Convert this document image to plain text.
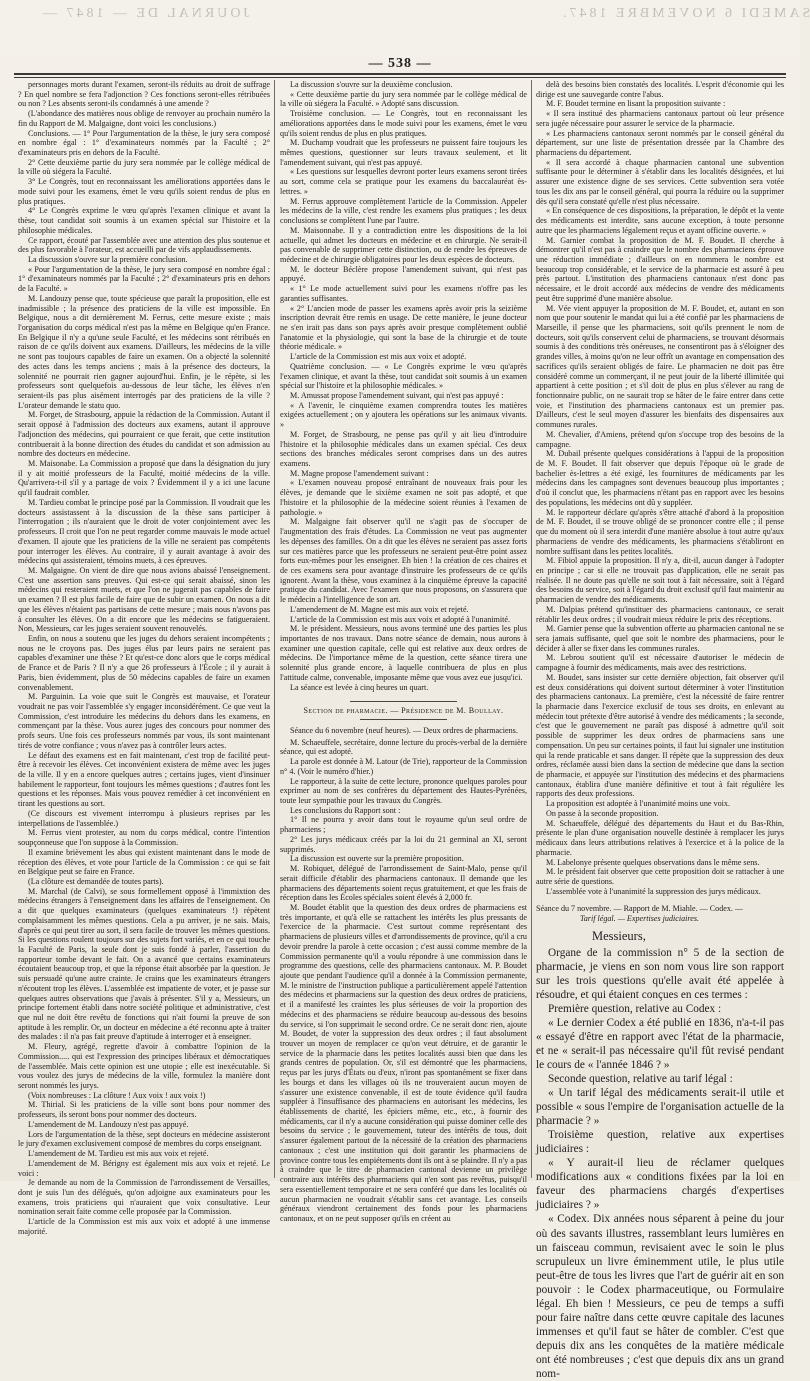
JOURNAL DE — 1847 —	SAMEDI 6 NOVEMBRE 1847.
— 538 —

personnages morts durant l'examen, seront-ils réduits au droit de suffrage ? En quel nombre se fera l'adjonction ? Ces fonctions seront-elles rétribuées ou non ? Les absents seront-ils condamnés à une amende ?

(L'abondance des matières nous oblige de renvoyer au prochain numéro la fin du Rapport de M. Malgaigne, dont voici les conclusions.)

Conclusions. — 1° Pour l'argumentation de la thèse, le jury sera composé en nombre égal : 1° d'examinateurs nommés par la Faculté ; 2° d'examinateurs pris en dehors de la Faculté.

2° Cette deuxième partie du jury sera nommée par le collège médical de la ville où siégera la Faculté.

3° Le Congrès, tout en reconnaissant les améliorations apportées dans le mode suivi pour les examens, émet le vœu qu'ils soient rendus de plus en plus pratiques.

4° Le Congrès exprime le vœu qu'après l'examen clinique et avant la thèse, tout candidat soit soumis à un examen spécial sur l'histoire et la philosophie médicales.

Ce rapport, écouté par l'assemblée avec une attention des plus soutenue et des plus favorable à l'orateur, est accueilli par de vifs applaudissements.

La discussion s'ouvre sur la première conclusion.

« Pour l'argumentation de la thèse, le jury sera composé en nombre égal : 1° d'examinateurs nommés par la Faculté ; 2° d'examinateurs pris en dehors de la Faculté. »

M. Landouzy pense que, toute spécieuse que paraît la proposition, elle est inadmissible ; la présence des praticiens de la ville est impossible. En Belgique, nous a dit dernièrement M. Ferrus, cette mesure existe ; mais l'organisation du corps médical n'est pas la même en Belgique qu'en France. En Belgique il n'y a qu'une seule Faculté, et les médecins sont rétribués en raison de ce qu'ils doivent aux examens. D'ailleurs, les médecins de la ville ne sont pas toujours capables de faire un examen. On a objecté la solennité des actes dans les temps anciens ; mais à la présence des docteurs, la solennité ne pourrait rien gagner aujourd'hui. Enfin, je le répète, si les professeurs sont quelquefois au-dessous de leur tâche, les élèves n'en seraient-ils pas plus aisément interrogés par des praticiens de la ville ? L'orateur demande le statu quo.

M. Forget, de Strasbourg, appuie la rédaction de la Commission. Autant il serait opposé à l'admission des docteurs aux examens, autant il approuve l'adjonction des médecins, qui pourraient ce que ferait, que cette institution contribuerait à la bonne direction des études du candidat et son admission au nombre des docteurs en médecine.

M. Maisonabe. La Commission a proposé que dans la désignation du jury il y ait moitié professeurs de la Faculté, moitié médecins de la ville. Qu'arrivera-t-il s'il y a partage de voix ? Évidemment il y a ici une lacune qu'il faudrait combler.

M. Tardieu combat le principe posé par la Commission. Il voudrait que les docteurs assistassent à la discussion de la thèse sans participer à l'interrogation ; ils n'auraient que le droit de voter conjointement avec les professeurs. Il croit que l'on ne peut regarder comme mauvais le mode actuel d'examen. Il ajoute que les praticiens de la ville ne seraient pas compétents pour interroger les élèves. Au contraire, il y aurait avantage à avoir des médecins qui assisteraient, témoins muets, à ces épreuves.

M. Malgaigne. On vient de dire que nous avions abaissé l'enseignement. C'est une assertion sans preuves. Qui est-ce qui serait abaissé, sinon les médecins qui resteraient muets, et que l'on ne jugerait pas capables de faire un examen ? Il est plus facile de faire que de subir un examen. On nous a dit que les élèves n'étaient pas partisans de cette mesure ; mais nous n'avons pas à consulter les élèves. On a dit encore que les médecins se fatigueraient. Non, Messieurs, car les juges seraient souvent renouvelés.

Enfin, on nous a soutenu que les juges du dehors seraient incompétents ; nous ne le croyons pas. Des juges élus par leurs pairs ne seraient pas capables d'examiner une thèse ? Et qu'est-ce donc alors que le corps médical de France et de Paris ? Il n'y a que 26 professeurs à l'École ; il y aurait à Paris, bien évidemment, plus de 50 médecins capables de faire un examen convenablement.

M. Parguinin. La voie que suit le Congrès est mauvaise, et l'orateur voudrait ne pas voir l'assemblée s'y engager inconsidérément. Ce que veut la Commission, c'est introduire les médecins du dehors dans les examens, en commençant par la thèse. Vous aurez juges des concours pour nommer des profs seurs. Une fois ces professeurs nommés par vous, ils sont maintenant tirés de votre confiance ; vous n'avez pas à contrôler leurs actes.

Le défaut des examens est en fait maintenant, c'est trop de facilité peut-être à recevoir les élèves. Cet inconvénient existera de même avec les juges de la ville. Il y en a encore quelques autres ; certains juges, vient d'insinuer habilement le rapporteur, font toujours les mêmes questions ; d'autres font les questions et les réponses. Mais vous pouvez remédier à cet inconvénient en tirant les questions au sort.

(Ce discours est vivement interrompu à plusieurs reprises par les interpellations de l'assemblée.)

M. Ferrus vient protester, au nom du corps médical, contre l'intention soupçonneuse que l'on suppose à la Commission.

Il examine brièvement les abus qui existent maintenant dans le mode de réception des élèves, et vote pour l'article de la Commission : ce qui se fait en Belgique peut se faire en France.

(La clôture est demandée de toutes parts).

M. Marchal (de Calvi), se sous formellement opposé à l'immixtion des médecins étrangers à l'enseignement dans les affaires de l'enseignement. On a dit que quelques examinateurs (quelques examinateurs !) répètent complaisamment les mêmes questions. Cela a pu arriver, je ne sais. Mais, d'après ce qui peut tirer au sort, il sera facile de trouver les mêmes questions. Si les questions roulent toujours sur des sujets fort variés, et en ce qui touche la Faculté de Paris, la seule dont je suis fondé à parler, l'assertion du rapporteur tombe devant le fait. On a avancé que certains examinateurs écoutaient beaucoup trop, et que la réponse était absorbée par la question. Je suis persuadé qu'une autre crainte. Je crains que les examinateurs étrangers n'écoutent trop les élèves. L'assemblée est impatiente de voter, et je passe sur quelques autres observations que j'avais à présenter. S'il y a, Messieurs, un principe fortement établi dans notre société politique et administrative, c'est que nul ne doit être revêtu de fonctions qui n'ait fourni la preuve de son aptitude à les remplir. Or, un docteur en médecine a été reconnu apte à traiter des malades : il n'a pas fait preuve d'aptitude à interroger et à enseigner.

M. Fleury, agrégé, regrette d'avoir à combattre l'opinion de la Commission..... qui est l'expression des principes libéraux et démocratiques de l'assemblée. Mais cette opinion est une utopie ; elle est inexécutable. Si vous voulez des jurys de médecins de la ville, formulez la manière dont seront nommés les jurys.

(Voix nombreuses : La clôture ! Aux voix ! aux voix !)

M. Thirial. Si les praticiens de la ville sont bons pour nommer des professeurs, ils seront bons pour nommer des docteurs.

L'amendement de M. Landouzy n'est pas appuyé.

Lors de l'argumentation de la thèse, sept docteurs en médecine assisteront le jury d'examen exclusivement composé de membres du corps enseignant.

L'amendement de M. Tardieu est mis aux voix et rejeté.

L'amendement de M. Bérigny est également mis aux voix et rejeté. Le voici :

Je demande au nom de la Commission de l'arrondissement de Versailles, dont je suis l'un des délégués, qu'on adjoigne aux examinateurs pour les examens, trois praticiens qui n'auraient que voix consultative. Leur nomination serait faite comme celle proposée par la Commission.

L'article de la Commission est mis aux voix et adopté à une immense majorité.

La discussion s'ouvre sur la deuxième conclusion.

« Cette deuxième partie du jury sera nommée par le collège médical de la ville où siégera la Faculté. » Adopté sans discussion.

Troisième conclusion. — Le Congrès, tout en reconnaissant les améliorations apportées dans le mode suivi pour les examens, émet le vœu qu'ils soient rendus de plus en plus pratiques.

M. Duchamp voudrait que les professeurs ne puissent faire toujours les mêmes questions, questionner sur leurs travaux seulement, et lit l'amendement suivant, qui n'est pas appuyé.

« Les questions sur lesquelles devront porter leurs examens seront tirées au sort, comme cela se pratique pour les examens du baccalauréat ès-lettres. »

M. Ferrus approuve complètement l'article de la Commission. Appeler les médecins de la ville, c'est rendre les examens plus pratiques ; les deux conclusions se complètent l'une par l'autre.

M. Maisonnabe. Il y a contradiction entre les dispositions de la loi actuelle, qui admet les docteurs en médecine et en chirurgie. Ne serait-il pas convenable de supprimer cette distinction, ou de rendre les épreuves de médecine et de chirurgie obligatoires pour les deux espèces de docteurs.

M. le docteur Béclère propose l'amendement suivant, qui n'est pas appuyé.

« 1° Le mode actuellement suivi pour les examens n'offre pas les garanties suffisantes.

« 2° L'ancien mode de passer les examens après avoir pris la seizième inscription devrait être remis en usage. De cette manière, le jeune docteur ne s'en irait pas dans son pays après avoir presque complètement oublié l'anatomie et la physiologie, qui sont la base de la chirurgie et de toute théorie médicale. »

L'article de la Commission est mis aux voix et adopté.

Quatrième conclusion. — « Le Congrès exprime le vœu qu'après l'examen clinique, et avant la thèse, tout candidat soit soumis à un examen spécial sur l'histoire et la philosophie médicales. »

M. Amussat propose l'amendement suivant, qui n'est pas appuyé :

« A l'avenir, le cinquième examen comprendra toutes les matières exigées actuellement ; on y ajoutera les opérations sur les animaux vivants. »

M. Forget, de Strasbourg, ne pense pas qu'il y ait lieu d'introduire l'histoire et la philosophie médicales dans un examen spécial. Ces deux sections des branches médicales seront comprises dans un des autres examens.

M. Magne propose l'amendement suivant :

« L'examen nouveau proposé entraînant de nouveaux frais pour les élèves, je demande que le sixième examen ne soit pas adopté, et que l'histoire et la philosophie de la médecine soient réunies à l'examen de pathologie. »

M. Malgaigne fait observer qu'il ne s'agit pas de s'occuper de l'augmentation des frais d'études. La Commission ne veut pas augmenter les dépenses des familles. On a dit que les élèves ne seraient pas assez forts sur ces matières parce que les professeurs ne seraient peut-être point assez forts eux-mêmes pour les enseigner. Eh bien ! la création de ces chaires et de ces examens sera pour avantage d'instruire les professeurs de ce qu'ils ignorent. Avant la thèse, vous examinez à la cinquième épreuve la capacité pratique du candidat. Avec l'examen que nous proposons, on s'assurera que le médecin a l'intelligence de son art.

L'amendement de M. Magne est mis aux voix et rejeté.

L'article de la Commission est mis aux voix et adopté à l'unanimité.

M. le président. Messieurs, nous avons terminé une des parties les plus importantes de nos travaux. Dans notre séance de demain, nous aurons à examiner une question capitale, celle qui est relative aux deux ordres de médecins. De l'importance même de la question, cette séance tirera une solennité plus grande encore, à laquelle contribuera de plus en plus l'attitude calme, convenable, imposante même que vous avez eue jusqu'ici.

La séance est levée à cinq heures un quart.

Section de pharmacie. — Présidence de M. Boullay.

Séance du 6 novembre (neuf heures). — Deux ordres de pharmaciens.

M. Schaeuffele, secrétaire, donne lecture du procès-verbal de la dernière séance, qui est adopté.

La parole est donnée à M. Latour (de Trie), rapporteur de la Commission n° 4. (Voir le numéro d'hier.)

Le rapporteur, à la suite de cette lecture, prononce quelques paroles pour exprimer au nom de ses confrères du département des Hautes-Pyrénées, toute leur sympathie pour les travaux du Congrès.

Les conclusions du Rapport sont :

1° Il ne pourra y avoir dans tout le royaume qu'un seul ordre de pharmaciens ;

2° Les jurys médicaux créés par la loi du 21 germinal an XI, seront supprimés.

La discussion est ouverte sur la première proposition.

M. Robiquet, délégué de l'arrondissement de Saint-Malo, pense qu'il serait difficile d'établir des pharmaciens cantonaux. Il demande que les pharmaciens des départements soient reçus gratuitement, et que les frais de réception dans les Écoles spéciales soient élevés à 2,000 fr.

M. Boudet établit que la question des deux ordres de pharmaciens est très importante, et qu'à elle se rattachent les intérêts les plus pressants de l'exercice de la pharmacie. C'est surtout comme représentant des pharmaciens de plusieurs villes et d'arrondissements de province, qu'il a cru devoir prendre la parole à cette occasion ; c'est aussi comme membre de la Commission permanente qu'il a voulu répondre à une commission dans le programme des questions, celle des pharmaciens cantonaux. M. P. Boudet ajoute que pendant l'audience qu'il a donnée à la Commission permanente, M. le ministre de l'instruction publique a particulièrement appelé l'attention des médecins et pharmaciens sur la question des deux ordres de praticiens, et il a manifesté les craintes les plus sérieuses de voir la proportion des médecins et des pharmaciens se réduire beaucoup au-dessous des besoins du service, si l'on supprimait le second ordre. Ce ne serait donc rien, ajoute M. Boudet, de voter la suppression des deux ordres ; il faut absolument trouver un moyen de remplacer ce qu'on veut détruire, et de garantir le service de la pharmacie dans les petites localités aussi bien que dans les grands centres de population. Or, s'il est démontré que les pharmaciens, reçus par les jurys d'États ou d'eux, n'iront pas spontanément se fixer dans les bourgs et dans les villages où ils ne trouveraient aucun moyen de s'assurer une existence convenable, il est de toute évidence qu'il faudra suppléer à l'insuffisance des pharmaciens en autorisant les médecins, les établissements de charité, les épiciers même, etc., etc., à fournir des médicaments, car il n'y a aucune considération qui puisse dominer celle des besoins du service ; le gouvernement, tuteur des intérêts de tous, doit s'assurer également partout de la nécessité de la création des pharmaciens cantonaux ; c'est une institution qui doit garantir les pharmaciens de province contre tous les empiétements dont ils ont à se plaindre. Il n'y a pas à craindre que le titre de pharmacien cantonal devienne un privilège contraire aux intérêts des pharmaciens qui n'en sont pas revêtus, puisqu'il sera essentiellement temporaire et ne sera conféré que dans les localités où aucun pharmacien ne voudrait s'établir sans cet avantage. Les conseils généraux viendront certainement des fonds pour les pharmaciens cantonaux, et on ne peut supposer qu'ils en créent au

delà des besoins bien constatés des localités. L'esprit d'économie qui les dirige est une sauvegarde contre l'abus.

M. F. Boudet termine en lisant la proposition suivante :

« Il sera institué des pharmaciens cantonaux partout où leur présence sera jugée nécessaire pour assurer le service de la pharmacie.

« Les pharmaciens cantonaux seront nommés par le conseil général du département, sur une liste de présentation dressée par la Chambre des pharmaciens du département.

« Il sera accordé à chaque pharmacien cantonal une subvention suffisante pour le déterminer à s'établir dans les localités désignées, et lui assurer une existence digne de ses services. Cette subvention sera votée tous les dix ans par le conseil général, qui pourra la réduire ou la supprimer dès qu'il sera constaté qu'elle n'est plus nécessaire.

« En conséquence de ces dispositions, la préparation, le dépôt et la vente des médicaments est interdite, sans aucune exception, à toute personne autre que les pharmaciens légalement reçus et ayant officine ouverte. »

M. Garnier combat la proposition de M. F. Boudet. Il cherche à démontrer qu'il n'est pas à craindre que le nombre des pharmaciens éprouve une réduction immédiate ; d'ailleurs on en nommera le nombre est beaucoup trop considérable, et le service de la pharmacie est assuré à peu près partout. L'institution des pharmaciens cantonaux n'est donc pas nécessaire, et le droit accordé aux médecins de vendre des médicaments peut être supprimé d'une manière absolue.

M. Vée vient appuyer la proposition de M. F. Boudet, et, autant en son nom que pour soutenir le mandat qui lui a été confié par les pharmaciens de Marseille, il pense que les pharmaciens, soit qu'ils prennent le nom de docteurs, soit qu'ils conservent celui de pharmaciens, se trouvant désormais soumis à des conditions très onéreuses, ne consentiront pas à s'éloigner des grandes villes, à moins qu'on ne leur offrît un avantage en compensation des sacrifices qu'ils seraient obligés de faire. Le pharmacien ne doit pas être considéré comme un commerçant, il ne peut jouir de la liberté illimitée qui appartient à cette position ; et s'il doit de plus en plus s'élever au rang de fonctionnaire public, on ne saurait trop se hâter de le faire entrer dans cette voie, et l'institution des pharmaciens cantonaux est un premier pas. D'ailleurs, c'est le seul moyen d'assurer les bienfaits des dispensaires aux communes rurales.

M. Chevalier, d'Amiens, prétend qu'on s'occupe trop des besoins de la campagne.

M. Dubail présente quelques considérations à l'appui de la proposition de M. F. Boudet. Il fait observer que depuis l'époque où le grade de bachelier ès-lettres a été exigé, les fournitures de médicaments par les médecins dans les campagnes sont devenues beaucoup plus importantes ; d'où il conclut que, les pharmaciens n'étant pas en rapport avec les besoins des populations, les médecins ont dû y suppléer.

M. le rapporteur déclare qu'après s'être attaché d'abord à la proposition de M. F. Boudet, il se trouve obligé de se prononcer contre elle ; il pense que du moment où il sera interdit d'une manière absolue à tout autre qu'aux pharmaciens de vendre des médicaments, les pharmaciens s'établiront en nombre suffisant dans les petites localités.

M. Fibiol appuie la proposition. Il n'y a, dit-il, aucun danger à l'adopter en principe ; car si elle ne trouvait pas d'application, elle ne serait pas réalisée. Il ne doute pas qu'elle ne soit tout à fait nécessaire, soit à l'égard des besoins du service, soit à l'égard du droit exclusif qu'il faut maintenir au pharmacien de vendre des médicaments.

M. Dalpias prétend qu'instituer des pharmaciens cantonaux, ce serait rétablir les deux ordres ; il voudrait mieux réduire le prix des réceptions.

M. Garnier pense que la subvention offerte au pharmacien cantonal ne se sera jamais suffisante, quel que soit le nombre des pharmaciens, pour le décider à aller se fixer dans les communes rurales.

M. Lebrou soutient qu'il est nécessaire d'autoriser le médecin de campagne à fournir des médicaments, mais avec des restrictions.

M. Boudet, sans insister sur cette dernière objection, fait observer qu'il est deux considérations qui doivent surtout déterminer à voter l'institution des pharmaciens cantonaux. La première, c'est la nécessité de faire rentrer la pharmacie dans l'exercice exclusif de tous ses droits, en enlevant au médecin tout prétexte d'être autorisé à vendre des médicaments ; la seconde, c'est que le gouvernement ne paraît pas disposé à admettre qu'il soit possible de supprimer les deux ordres de pharmaciens sans une compensation. Un peu sur certaines points, il faut lui signaler une institution qui la rende praticable et sans danger. Il répète que la suppression des deux ordres, réclamée aussi bien dans la section de médecine que dans la section de pharmacie, et appuyée sur l'institution des médecins et des pharmaciens cantonaux, établira d'une manière définitive et tout à fait régulière les rapports des deux professions.

La proposition est adoptée à l'unanimité moins une voix.

On passe à la seconde proposition.

M. Schaeuffele, délégué des départements du Haut et du Bas-Rhin, présente le plan d'une organisation nouvelle destinée à remplacer les jurys médicaux dans leurs attributions relatives à l'exercice et à la police de la pharmacie.

M. Labelonye présente quelques observations dans le même sens.

M. le président fait observer que cette proposition doit se rattacher à une autre série de questions.

L'assemblée vote à l'unanimité la suppression des jurys médicaux.

Séance du 7 novembre. — Rapport de M. Miahle. — Codex. —

Tarif légal. — Expertises judiciaires.

Messieurs,

Organe de la commission n° 5 de la section de pharmacie, je viens en son nom vous lire son rapport sur les trois questions qu'elle avait été appelée à résoudre, et qui étaient conçues en ces termes :

Première question, relative au Codex :

« Le dernier Codex a été publié en 1836, n'a-t-il pas « essayé d'être en rapport avec l'état de la pharmacie, et ne « serait-il pas nécessaire qu'il fût revisé pendant le cours de « l'année 1846 ? »

Seconde question, relative au tarif légal :

« Un tarif légal des médicaments serait-il utile et possible « sous l'empire de l'organisation actuelle de la pharmacie ? »

Troisième question, relative aux expertises judiciaires :

« Y aurait-il lieu de réclamer quelques modifications aux « conditions fixées par la loi en faveur des pharmaciens chargés d'expertises judiciaires ? »

« Codex. Dix années nous séparent à peine du jour où des savants illustres, rassemblant leurs lumières en un faisceau commun, revisaient avec le soin le plus scrupuleux un livre éminemment utile, le plus utile peut-être de tous les livres que l'art de guérir ait en son pouvoir : le Codex pharmaceutique, ou Formulaire légal. Eh bien ! Messieurs, ce peu de temps a suffi pour faire naître dans cette œuvre capitale des lacunes immenses et qu'il faut se hâter de combler. C'est que depuis dix ans les conquêtes de la matière médicale ont été nombreuses ; c'est que depuis dix ans un grand nom-
